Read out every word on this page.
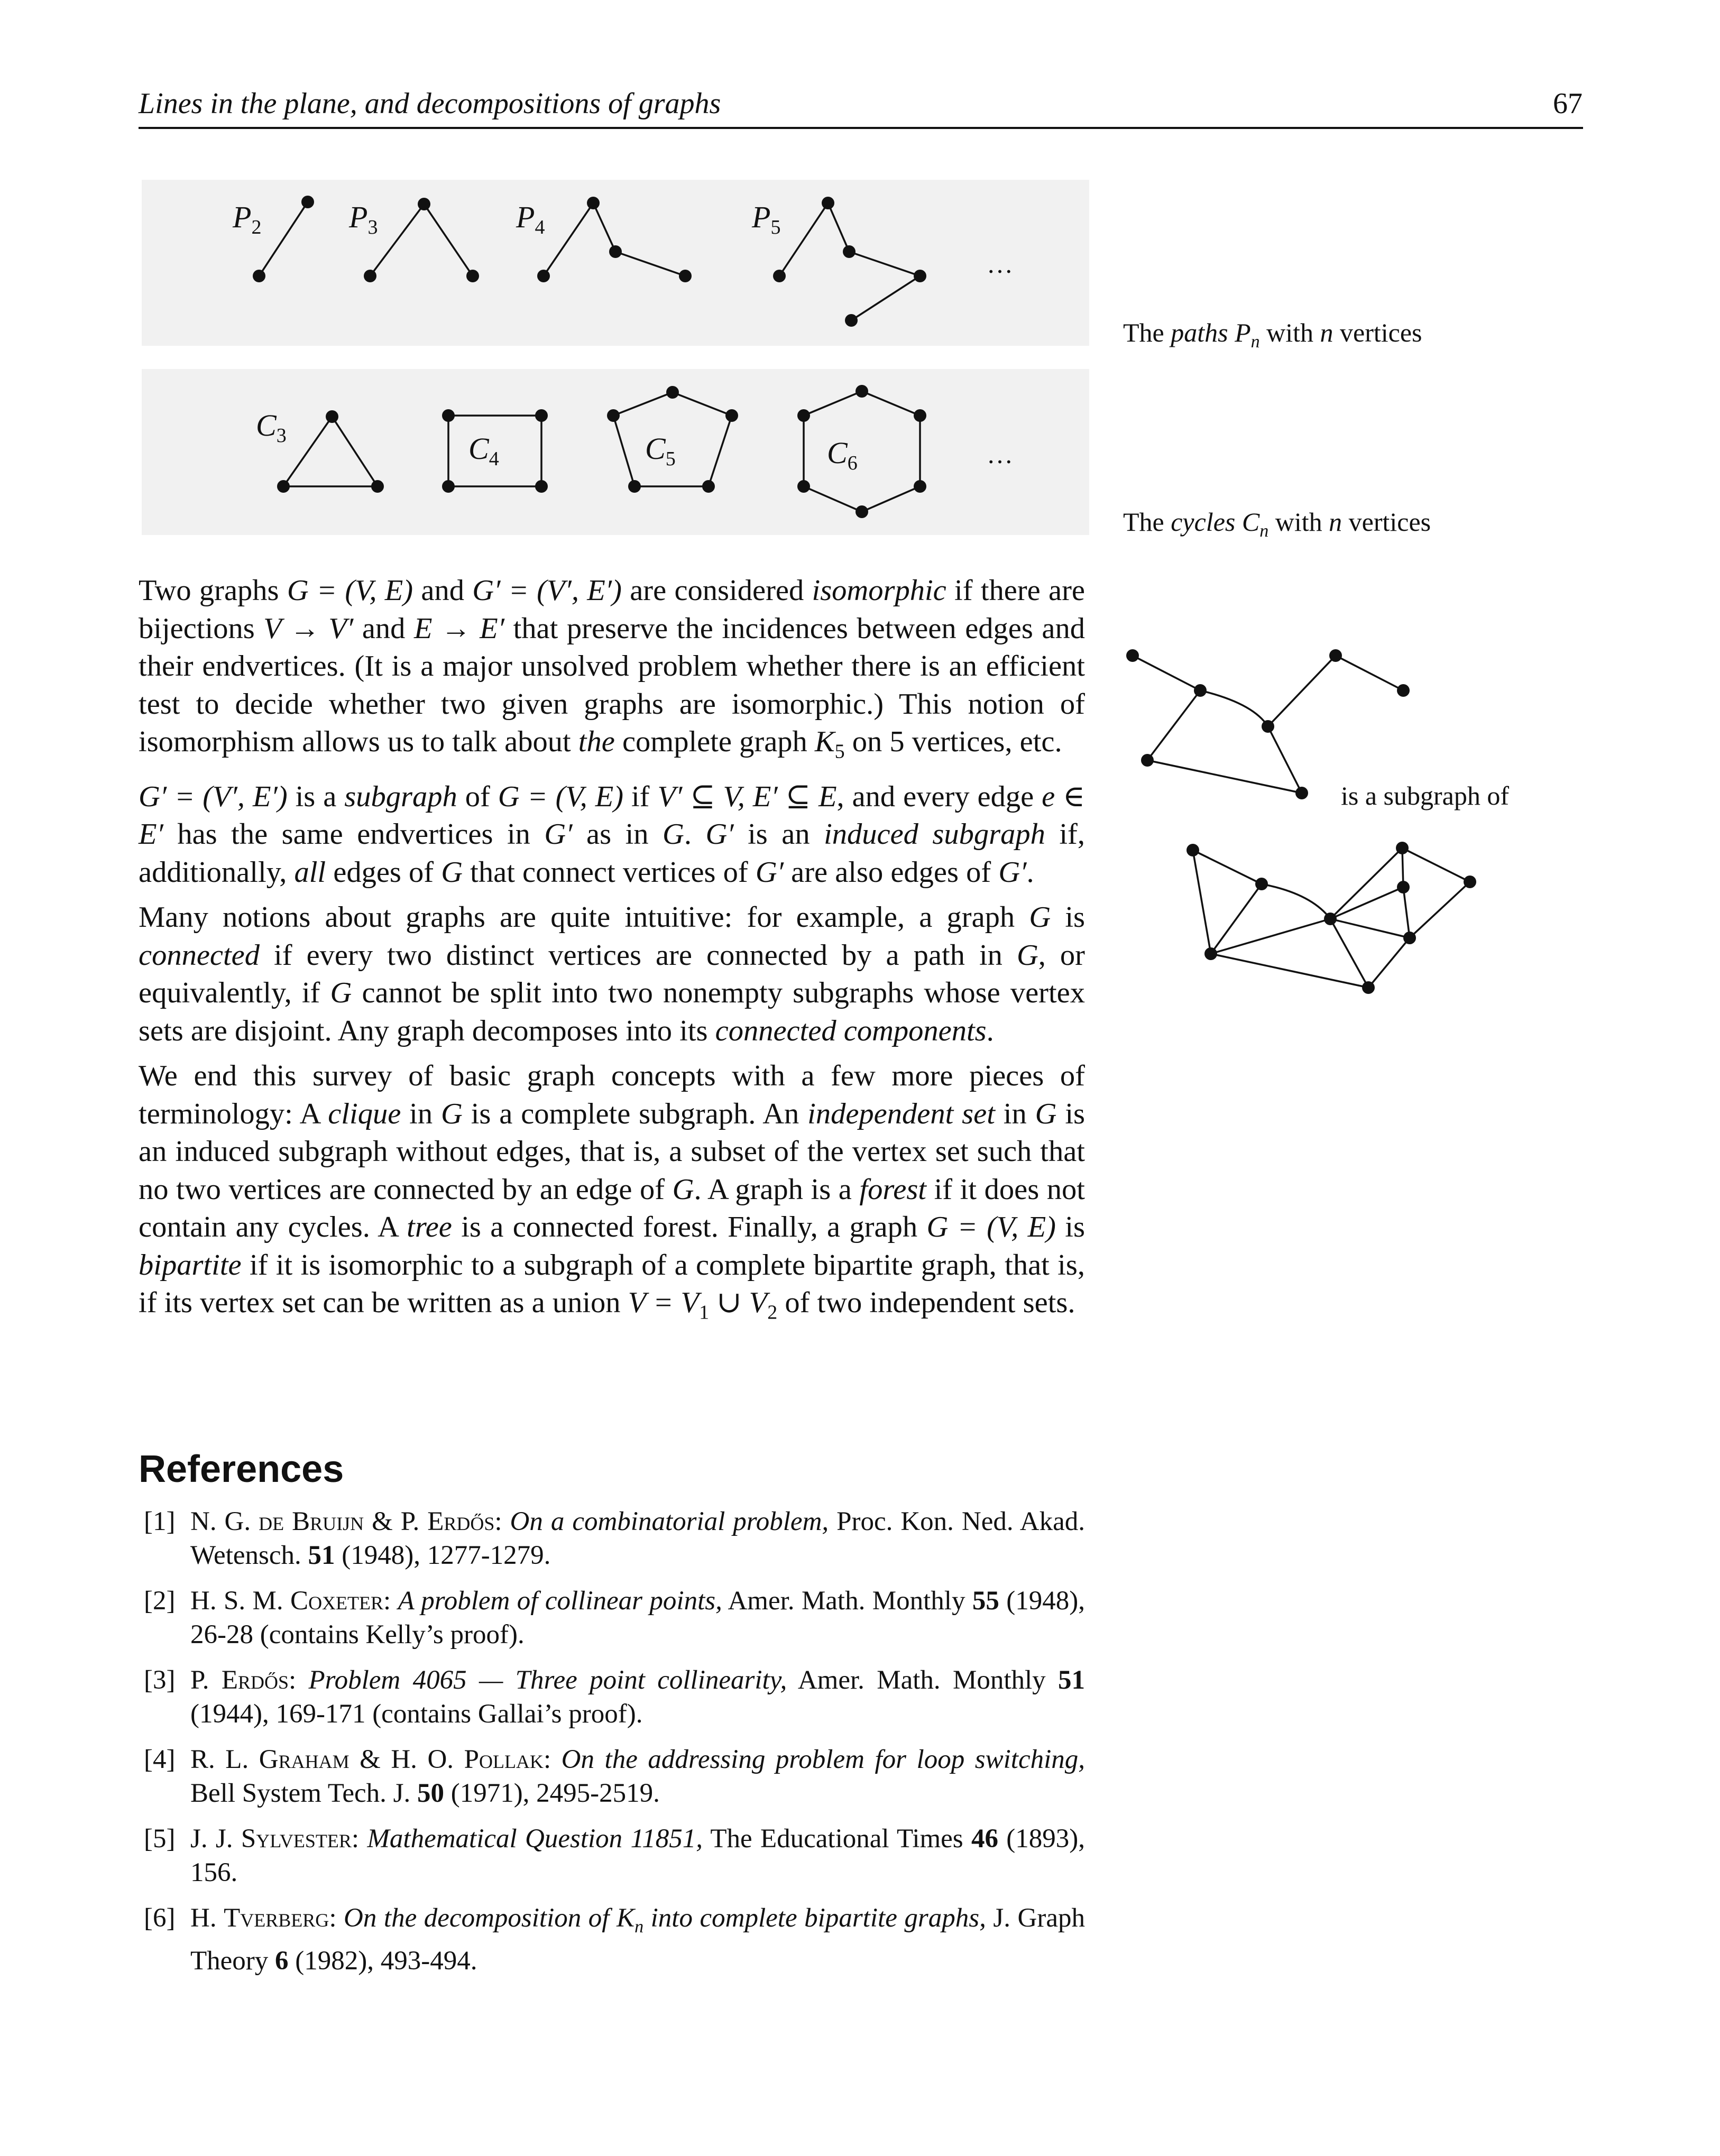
Lines in the plane, and decompositions of graphs	67
$P_2$	$P_3$	$P_4$	$P_5$
…
The paths $P_n$ with n vertices
$C_3$	$C_4$	$C_5$	$C_6$	…
The cycles $C_n$ with n vertices
is a subgraph of

Two graphs G = (V, E) and G′ = (V′, E′) are considered isomorphic if there are bijections V → V′ and E → E′ that preserve the incidences between edges and their endvertices. (It is a major unsolved problem whether there is an efficient test to decide whether two given graphs are isomorphic.) This notion of isomorphism allows us to talk about the complete graph $K_5$ on 5 vertices, etc.

G′ = (V′, E′) is a subgraph of G = (V, E) if V′ ⊆ V, E′ ⊆ E, and every edge e ∈ E′ has the same endvertices in G′ as in G. G′ is an induced subgraph if, additionally, all edges of G that connect vertices of G′ are also edges of G′.

Many notions about graphs are quite intuitive: for example, a graph G is connected if every two distinct vertices are connected by a path in G, or equivalently, if G cannot be split into two nonempty subgraphs whose vertex sets are disjoint. Any graph decomposes into its connected components.

We end this survey of basic graph concepts with a few more pieces of terminology: A clique in G is a complete subgraph. An independent set in G is an induced subgraph without edges, that is, a subset of the vertex set such that no two vertices are connected by an edge of G. A graph is a forest if it does not contain any cycles. A tree is a connected forest. Finally, a graph G = (V, E) is bipartite if it is isomorphic to a subgraph of a complete bipartite graph, that is, if its vertex set can be written as a union $V = V_1$ ∪ $V_2$ of two independent sets.

References
[1] N. G. de Bruijn & P. Erdős: On a combinatorial problem, Proc. Kon. Ned. Akad. Wetensch. 51 (1948), 1277-1279.
[2] H. S. M. Coxeter: A problem of collinear points, Amer. Math. Monthly 55 (1948), 26-28 (contains Kelly’s proof).
[3] P. Erdős: Problem 4065 — Three point collinearity, Amer. Math. Monthly 51 (1944), 169-171 (contains Gallai’s proof).
[4] R. L. Graham & H. O. Pollak: On the addressing problem for loop switching, Bell System Tech. J. 50 (1971), 2495-2519.
[5] J. J. Sylvester: Mathematical Question 11851, The Educational Times 46 (1893), 156.
[6] H. Tverberg: On the decomposition of $K_n$ into complete bipartite graphs, J. Graph Theory 6 (1982), 493-494.
